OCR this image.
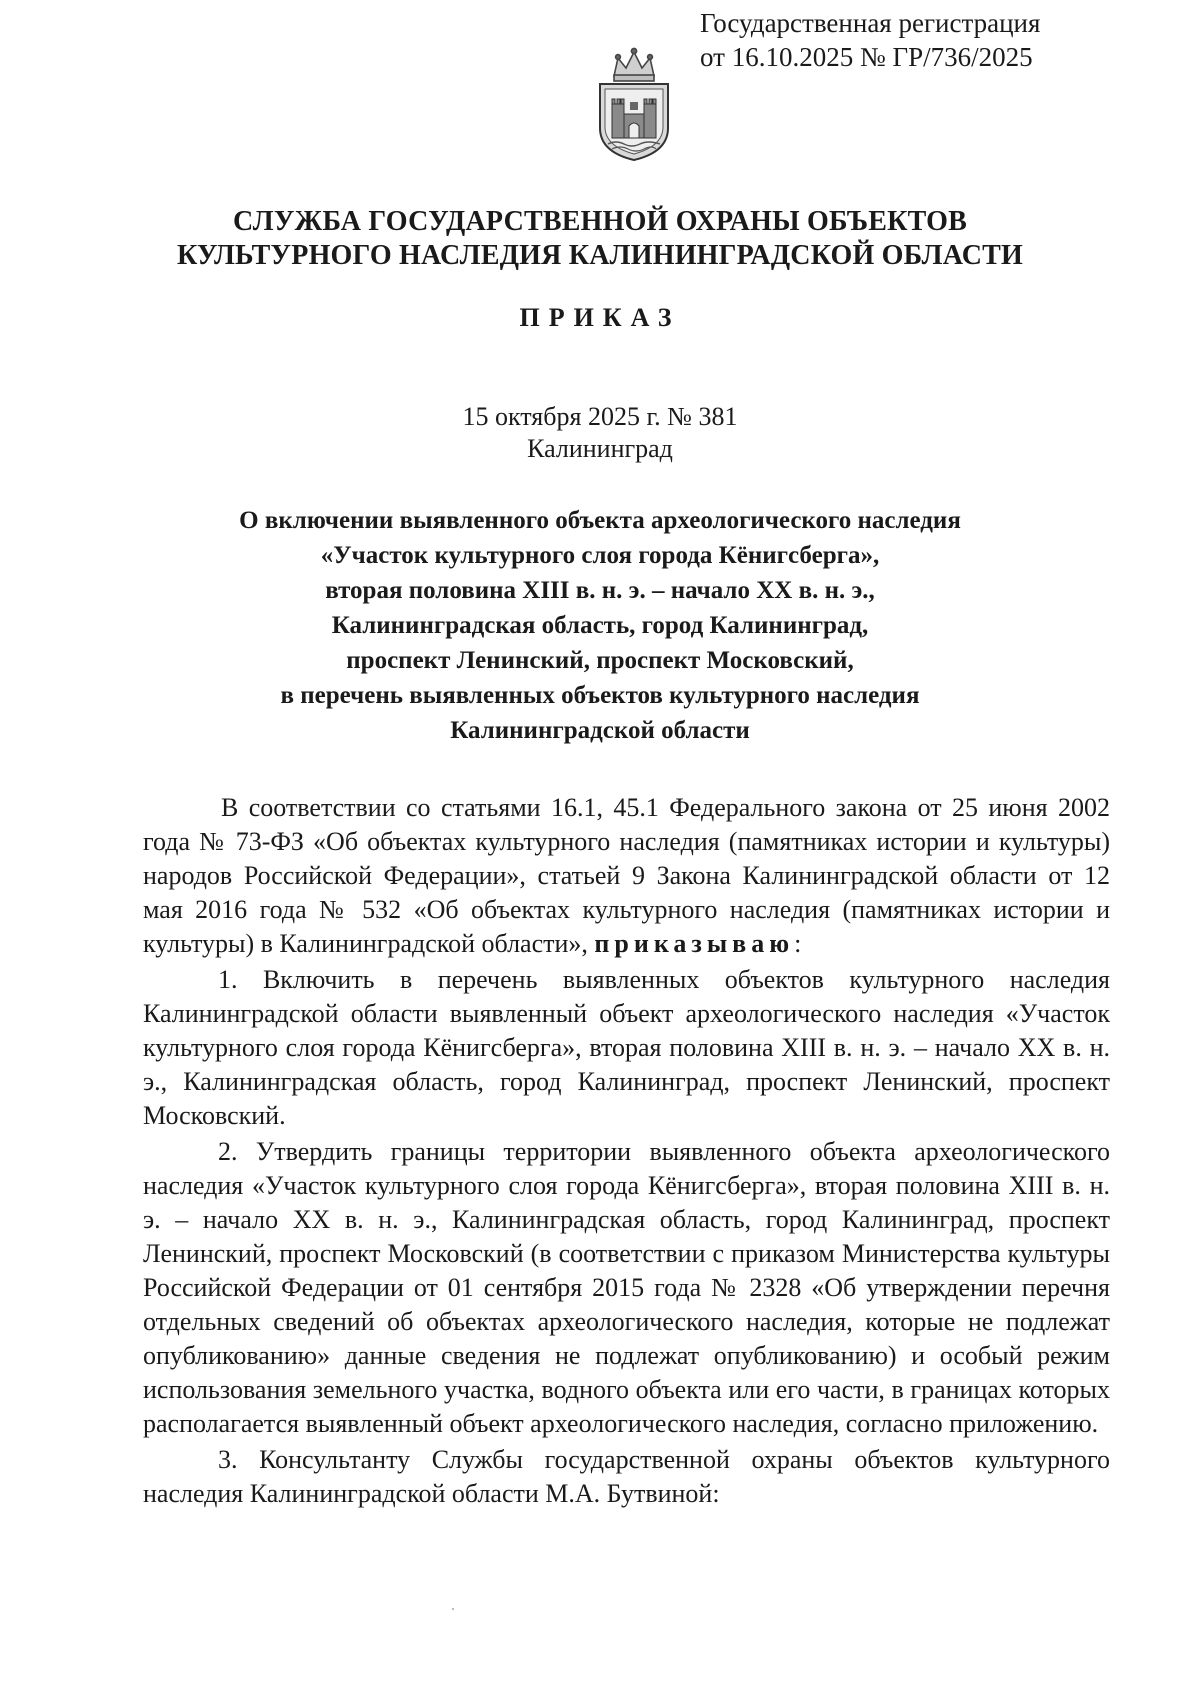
Государственная регистрация
от 16.10.2025 № ГР/736/2025
СЛУЖБА ГОСУДАРСТВЕННОЙ ОХРАНЫ ОБЪЕКТОВ
КУЛЬТУРНОГО НАСЛЕДИЯ КАЛИНИНГРАДСКОЙ ОБЛАСТИ
ПРИКАЗ
15 октября 2025 г. № 381
Калининград
О включении выявленного объекта археологического наследия
«Участок культурного слоя города Кёнигсберга»,
вторая половина XIII в. н. э. – начало XX в. н. э.,
Калининградская область, город Калининград,
проспект Ленинский, проспект Московский,
в перечень выявленных объектов культурного наследия
Калининградской области

В соответствии со статьями 16.1, 45.1 Федерального закона от 25 июня 2002 года № 73-ФЗ «Об объектах культурного наследия (памятниках истории и культуры) народов Российской Федерации», статьей 9 Закона Калининградской области от 12 мая 2016 года № 532 «Об объектах культурного наследия (памятниках истории и культуры) в Калининградской области», приказываю:

1. Включить в перечень выявленных объектов культурного наследия Калининградской области выявленный объект археологического наследия «Участок культурного слоя города Кёнигсберга», вторая половина XIII в. н. э. – начало XX в. н. э., Калининградская область, город Калининград, проспект Ленинский, проспект Московский.

2. Утвердить границы территории выявленного объекта археологического наследия «Участок культурного слоя города Кёнигсберга», вторая половина XIII в. н. э. – начало XX в. н. э., Калининградская область, город Калининград, проспект Ленинский, проспект Московский (в соответствии с приказом Министерства культуры Российской Федерации от 01 сентября 2015 года № 2328 «Об утверждении перечня отдельных сведений об объектах археологического наследия, которые не подлежат опубликованию» данные сведения не подлежат опубликованию) и особый режим использования земельного участка, водного объекта или его части, в границах которых располагается выявленный объект археологического наследия, согласно приложению.

3. Консультанту Службы государственной охраны объектов культурного наследия Калининградской области М.А. Бутвиной:
